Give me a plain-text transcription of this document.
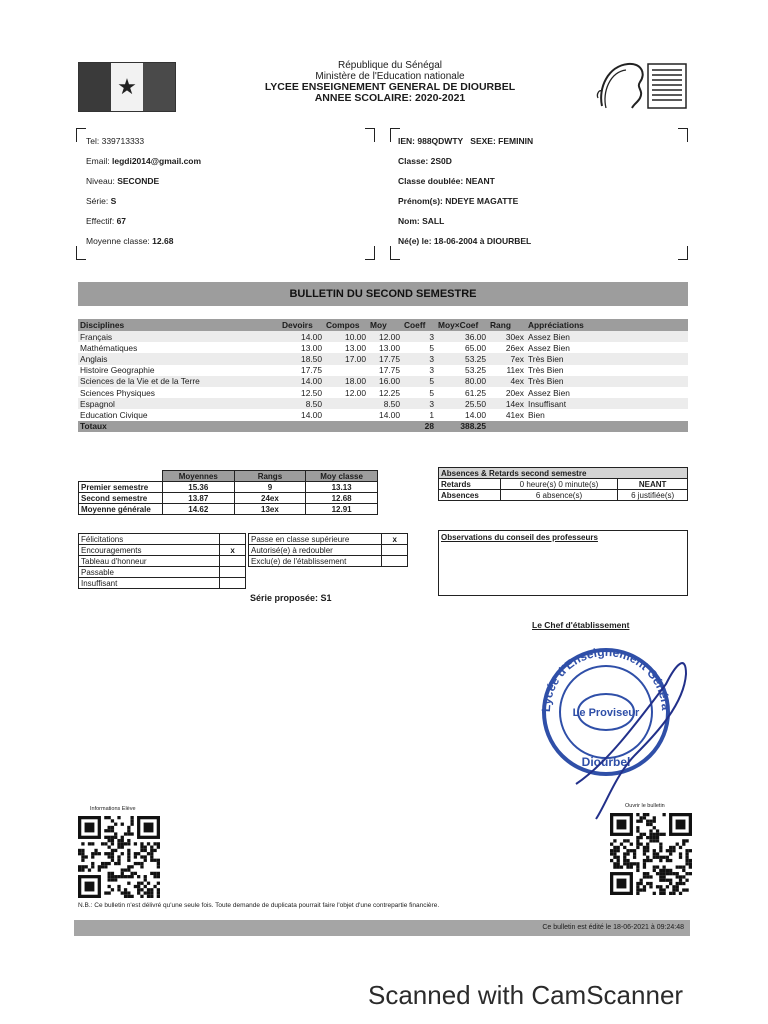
★
République du Sénégal
Ministère de l'Education nationale
LYCEE ENSEIGNEMENT GENERAL DE DIOURBEL
ANNEE SCOLAIRE: 2020-2021
Tel: 339713333
Email: legdi2014@gmail.com
Niveau: SECONDE
Série: S
Effectif: 67
Moyenne classe: 12.68
IEN: 988QDWTY SEXE: FEMININ
Classe: 2S0D
Classe doublée: NEANT
Prénom(s): NDEYE MAGATTE
Nom: SALL
Né(e) le: 18-06-2004 à DIOURBEL
BULLETIN DU SECOND SEMESTRE
Disciplines	Devoirs	Compos	Moy	Coeff	Moy×Coef	Rang	Appréciations
Français	14.00	10.00	12.00	3	36.00	30ex	Assez Bien
Mathématiques	13.00	13.00	13.00	5	65.00	26ex	Assez Bien
Anglais	18.50	17.00	17.75	3	53.25	7ex	Très Bien
Histoire Geographie	17.75		17.75	3	53.25	11ex	Très Bien
Sciences de la Vie et de la Terre	14.00	18.00	16.00	5	80.00	4ex	Très Bien
Sciences Physiques	12.50	12.00	12.25	5	61.25	20ex	Assez Bien
Espagnol	8.50		8.50	3	25.50	14ex	Insuffisant
Education Civique	14.00		14.00	1	14.00	41ex	Bien
Totaux				28	388.25		
	Moyennes	Rangs	Moy classe
Premier semestre	15.36	9	13.13
Second semestre	13.87	24ex	12.68
Moyenne générale	14.62	13ex	12.91
Absences & Retards second semestre		
Retards	0 heure(s) 0 minute(s)	NEANT
Absences	6 absence(s)	6 justifiée(s)
Félicitations	
Encouragements	x
Tableau d'honneur	
Passable	
Insuffisant	
Passe en classe supérieure	x
Autorisé(e) à redoubler	
Exclu(e) de l'établissement	
Série proposée: S1
Observations du conseil des professeurs
Le Chef d'établissement
Lycée d'Enseignement Généra
Le Proviseur
Diourbel
Informations Elève	Ouvrir le bulletin
N.B.: Ce bulletin n'est délivré qu'une seule fois. Toute demande de duplicata pourrait faire l'objet d'une contrepartie financière.
Ce bulletin est édité le 18-06-2021 à 09:24:48
Scanned with CamScanner
